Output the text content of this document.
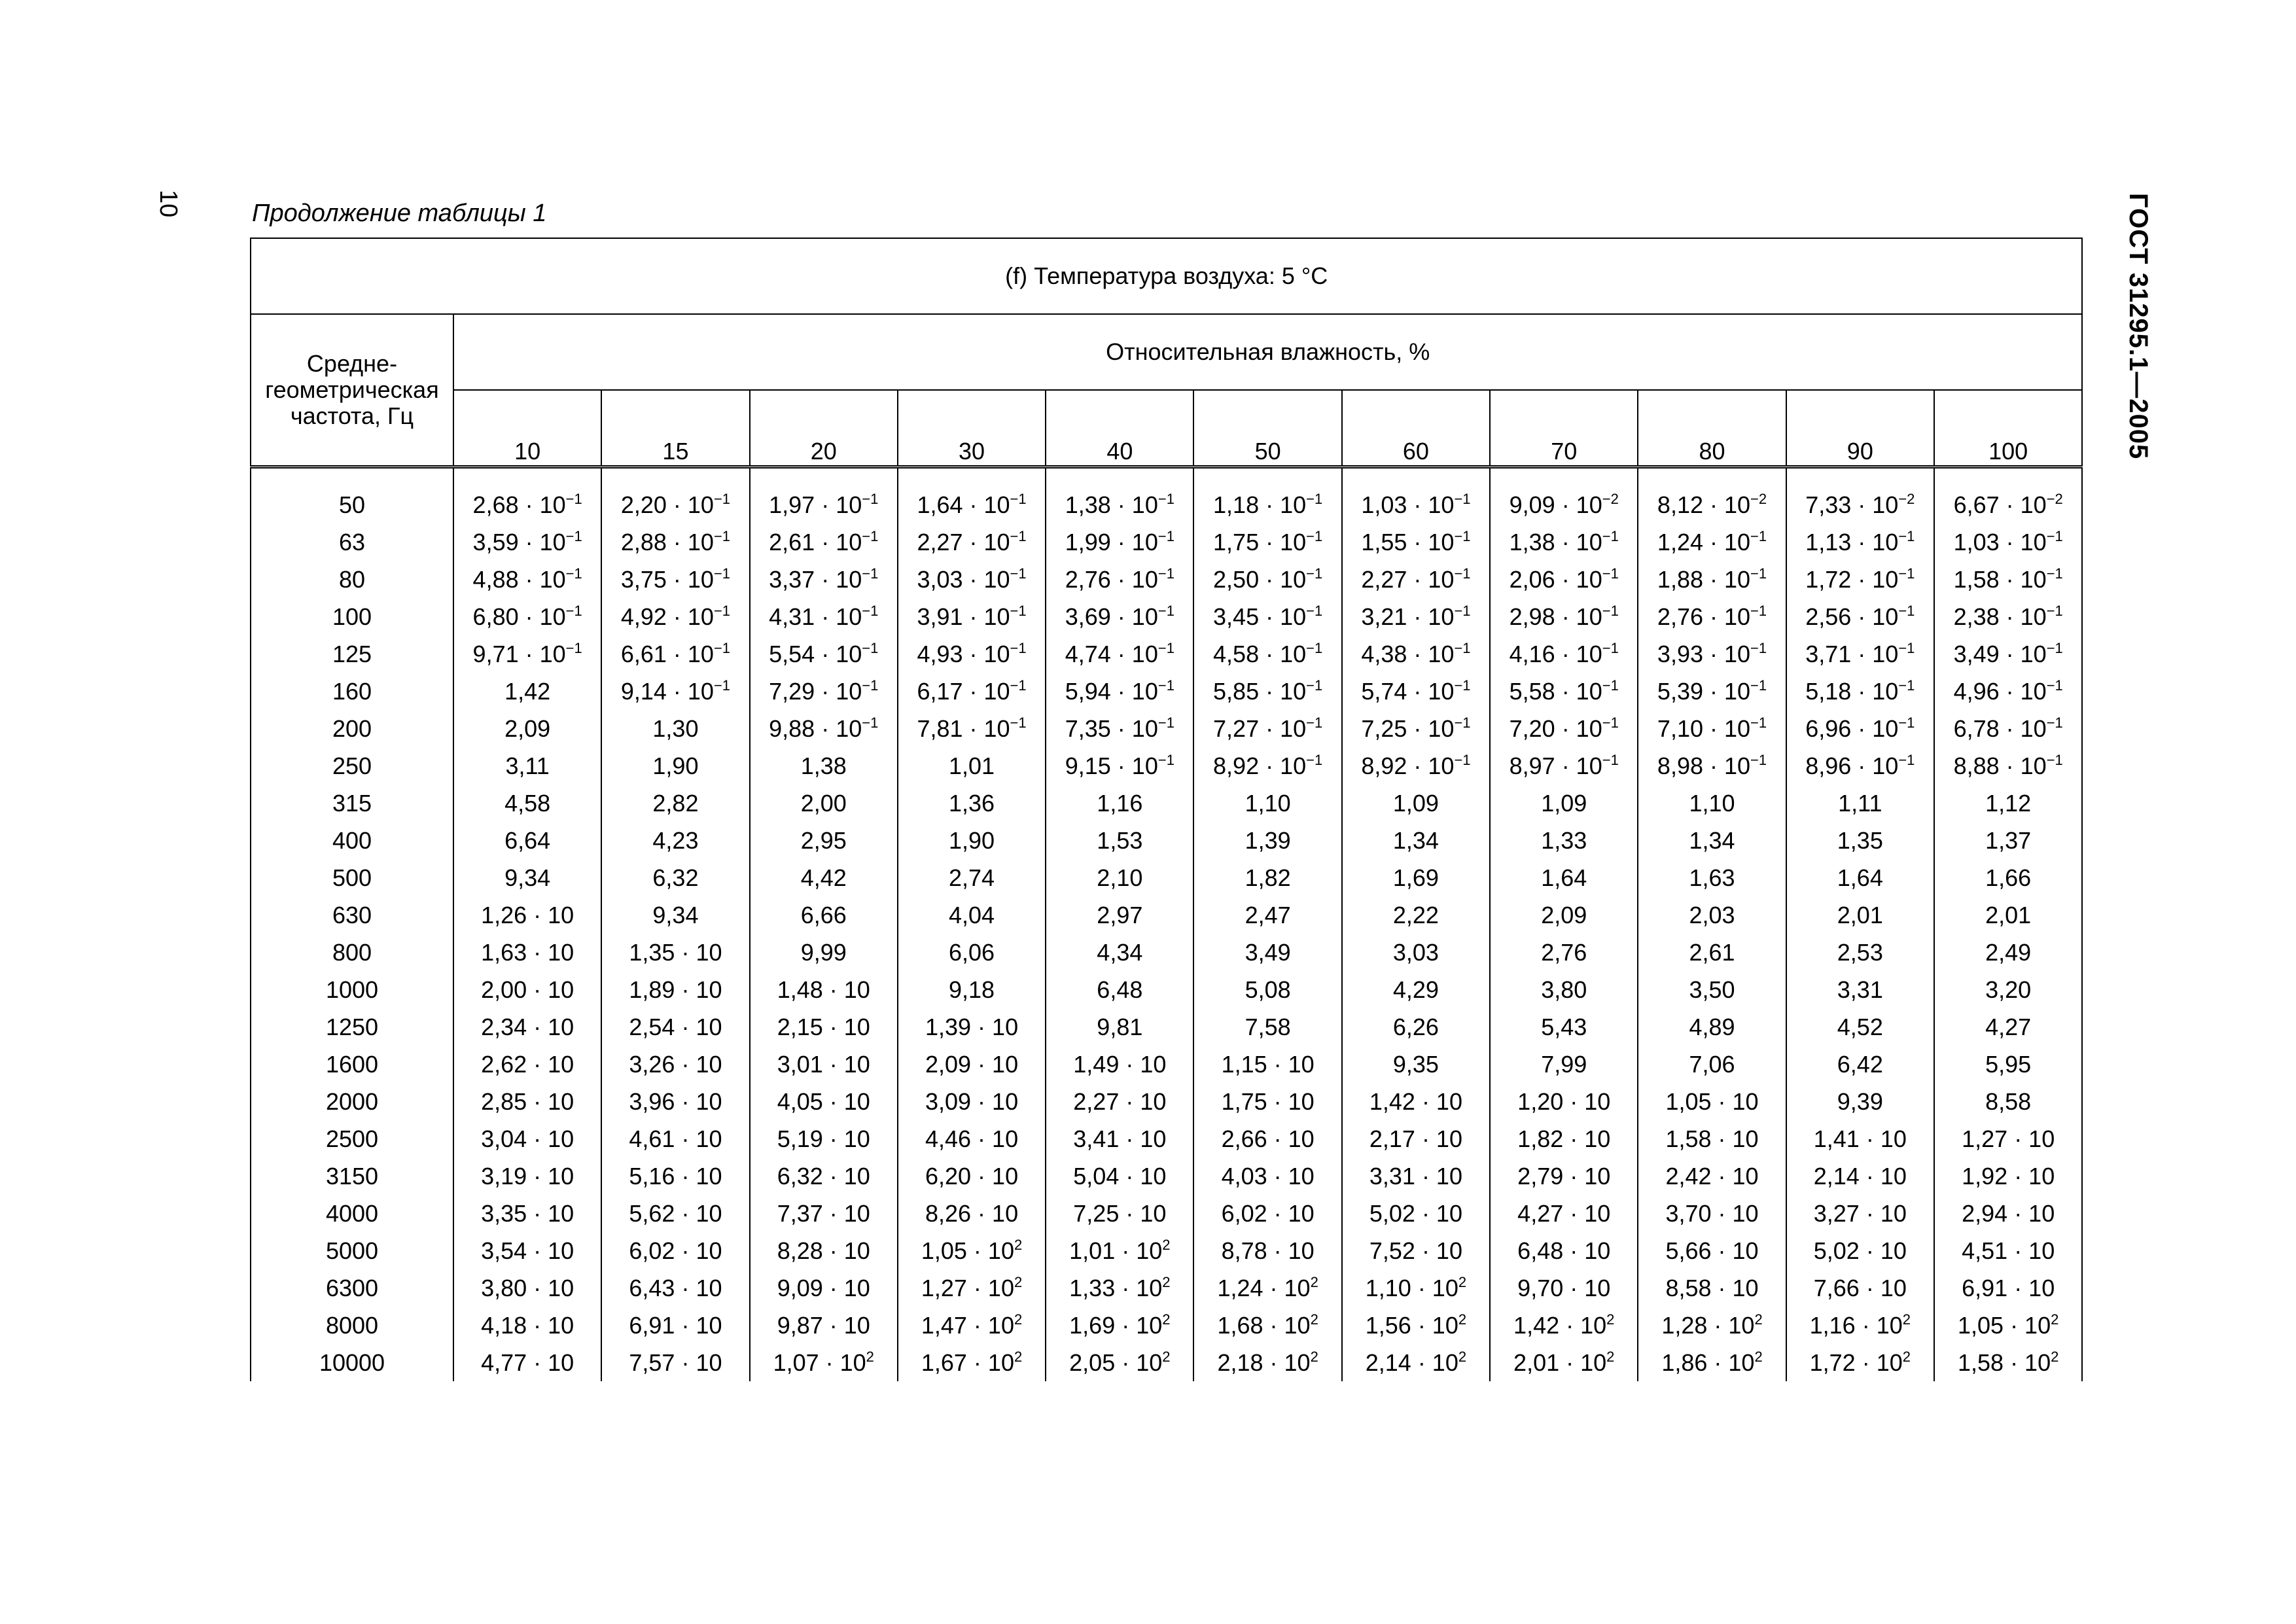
10	ГОСТ 31295.1—2005
Продолжение таблицы 1
(f) Температура воздуха: 5 °C											

Средне-
геометрическая
частота, Гц	Относительная влажность, %										
	10	15	20	30	40	50	60	70	80	90	100
50	$2,68 \cdot 10^{-1}$	$2,20 \cdot 10^{-1}$	$1,97 \cdot 10^{-1}$	$1,64 \cdot 10^{-1}$	$1,38 \cdot 10^{-1}$	$1,18 \cdot 10^{-1}$	$1,03 \cdot 10^{-1}$	$9,09 \cdot 10^{-2}$	$8,12 \cdot 10^{-2}$	$7,33 \cdot 10^{-2}$	$6,67 \cdot 10^{-2}$
63	$3,59 \cdot 10^{-1}$	$2,88 \cdot 10^{-1}$	$2,61 \cdot 10^{-1}$	$2,27 \cdot 10^{-1}$	$1,99 \cdot 10^{-1}$	$1,75 \cdot 10^{-1}$	$1,55 \cdot 10^{-1}$	$1,38 \cdot 10^{-1}$	$1,24 \cdot 10^{-1}$	$1,13 \cdot 10^{-1}$	$1,03 \cdot 10^{-1}$
80	$4,88 \cdot 10^{-1}$	$3,75 \cdot 10^{-1}$	$3,37 \cdot 10^{-1}$	$3,03 \cdot 10^{-1}$	$2,76 \cdot 10^{-1}$	$2,50 \cdot 10^{-1}$	$2,27 \cdot 10^{-1}$	$2,06 \cdot 10^{-1}$	$1,88 \cdot 10^{-1}$	$1,72 \cdot 10^{-1}$	$1,58 \cdot 10^{-1}$
100	$6,80 \cdot 10^{-1}$	$4,92 \cdot 10^{-1}$	$4,31 \cdot 10^{-1}$	$3,91 \cdot 10^{-1}$	$3,69 \cdot 10^{-1}$	$3,45 \cdot 10^{-1}$	$3,21 \cdot 10^{-1}$	$2,98 \cdot 10^{-1}$	$2,76 \cdot 10^{-1}$	$2,56 \cdot 10^{-1}$	$2,38 \cdot 10^{-1}$
125	$9,71 \cdot 10^{-1}$	$6,61 \cdot 10^{-1}$	$5,54 \cdot 10^{-1}$	$4,93 \cdot 10^{-1}$	$4,74 \cdot 10^{-1}$	$4,58 \cdot 10^{-1}$	$4,38 \cdot 10^{-1}$	$4,16 \cdot 10^{-1}$	$3,93 \cdot 10^{-1}$	$3,71 \cdot 10^{-1}$	$3,49 \cdot 10^{-1}$
160	1,42	$9,14 \cdot 10^{-1}$	$7,29 \cdot 10^{-1}$	$6,17 \cdot 10^{-1}$	$5,94 \cdot 10^{-1}$	$5,85 \cdot 10^{-1}$	$5,74 \cdot 10^{-1}$	$5,58 \cdot 10^{-1}$	$5,39 \cdot 10^{-1}$	$5,18 \cdot 10^{-1}$	$4,96 \cdot 10^{-1}$
200	2,09	1,30	$9,88 \cdot 10^{-1}$	$7,81 \cdot 10^{-1}$	$7,35 \cdot 10^{-1}$	$7,27 \cdot 10^{-1}$	$7,25 \cdot 10^{-1}$	$7,20 \cdot 10^{-1}$	$7,10 \cdot 10^{-1}$	$6,96 \cdot 10^{-1}$	$6,78 \cdot 10^{-1}$
250	3,11	1,90	1,38	1,01	$9,15 \cdot 10^{-1}$	$8,92 \cdot 10^{-1}$	$8,92 \cdot 10^{-1}$	$8,97 \cdot 10^{-1}$	$8,98 \cdot 10^{-1}$	$8,96 \cdot 10^{-1}$	$8,88 \cdot 10^{-1}$
315	4,58	2,82	2,00	1,36	1,16	1,10	1,09	1,09	1,10	1,11	1,12
400	6,64	4,23	2,95	1,90	1,53	1,39	1,34	1,33	1,34	1,35	1,37
500	9,34	6,32	4,42	2,74	2,10	1,82	1,69	1,64	1,63	1,64	1,66
630	1,26 · 10	9,34	6,66	4,04	2,97	2,47	2,22	2,09	2,03	2,01	2,01
800	1,63 · 10	1,35 · 10	9,99	6,06	4,34	3,49	3,03	2,76	2,61	2,53	2,49
1000	2,00 · 10	1,89 · 10	1,48 · 10	9,18	6,48	5,08	4,29	3,80	3,50	3,31	3,20
1250	2,34 · 10	2,54 · 10	2,15 · 10	1,39 · 10	9,81	7,58	6,26	5,43	4,89	4,52	4,27
1600	2,62 · 10	3,26 · 10	3,01 · 10	2,09 · 10	1,49 · 10	1,15 · 10	9,35	7,99	7,06	6,42	5,95
2000	2,85 · 10	3,96 · 10	4,05 · 10	3,09 · 10	2,27 · 10	1,75 · 10	1,42 · 10	1,20 · 10	1,05 · 10	9,39	8,58
2500	3,04 · 10	4,61 · 10	5,19 · 10	4,46 · 10	3,41 · 10	2,66 · 10	2,17 · 10	1,82 · 10	1,58 · 10	1,41 · 10	1,27 · 10
3150	3,19 · 10	5,16 · 10	6,32 · 10	6,20 · 10	5,04 · 10	4,03 · 10	3,31 · 10	2,79 · 10	2,42 · 10	2,14 · 10	1,92 · 10
4000	3,35 · 10	5,62 · 10	7,37 · 10	8,26 · 10	7,25 · 10	6,02 · 10	5,02 · 10	4,27 · 10	3,70 · 10	3,27 · 10	2,94 · 10
5000	3,54 · 10	6,02 · 10	8,28 · 10	$1,05 \cdot 10^2$	$1,01 \cdot 10^2$	8,78 · 10	7,52 · 10	6,48 · 10	5,66 · 10	5,02 · 10	4,51 · 10
6300	3,80 · 10	6,43 · 10	9,09 · 10	$1,27 \cdot 10^2$	$1,33 \cdot 10^2$	$1,24 \cdot 10^2$	$1,10 \cdot 10^2$	9,70 · 10	8,58 · 10	7,66 · 10	6,91 · 10
8000	4,18 · 10	6,91 · 10	9,87 · 10	$1,47 \cdot 10^2$	$1,69 \cdot 10^2$	$1,68 \cdot 10^2$	$1,56 \cdot 10^2$	$1,42 \cdot 10^2$	$1,28 \cdot 10^2$	$1,16 \cdot 10^2$	$1,05 \cdot 10^2$
10000	4,77 · 10	7,57 · 10	$1,07 \cdot 10^2$	$1,67 \cdot 10^2$	$2,05 \cdot 10^2$	$2,18 \cdot 10^2$	$2,14 \cdot 10^2$	$2,01 \cdot 10^2$	$1,86 \cdot 10^2$	$1,72 \cdot 10^2$	$1,58 \cdot 10^2$
